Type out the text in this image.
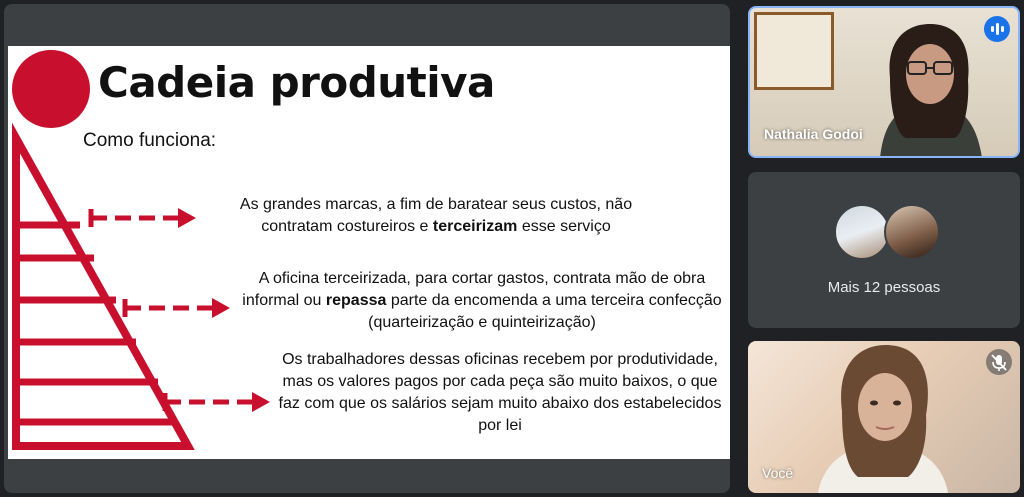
Cadeia produtiva
Como funciona:
As grandes marcas, a fim de baratear seus custos, não
contratam costureiros e terceirizam esse serviço
A oficina terceirizada, para cortar gastos, contrata mão de obra
informal ou repassa parte da encomenda a uma terceira confecção
(quarteirização e quinteirização)
Os trabalhadores dessas oficinas recebem por produtividade,
mas os valores pagos por cada peça são muito baixos, o que
faz com que os salários sejam muito abaixo dos estabelecidos
por lei
Nathalia Godoi
Mais 12 pessoas
Você
